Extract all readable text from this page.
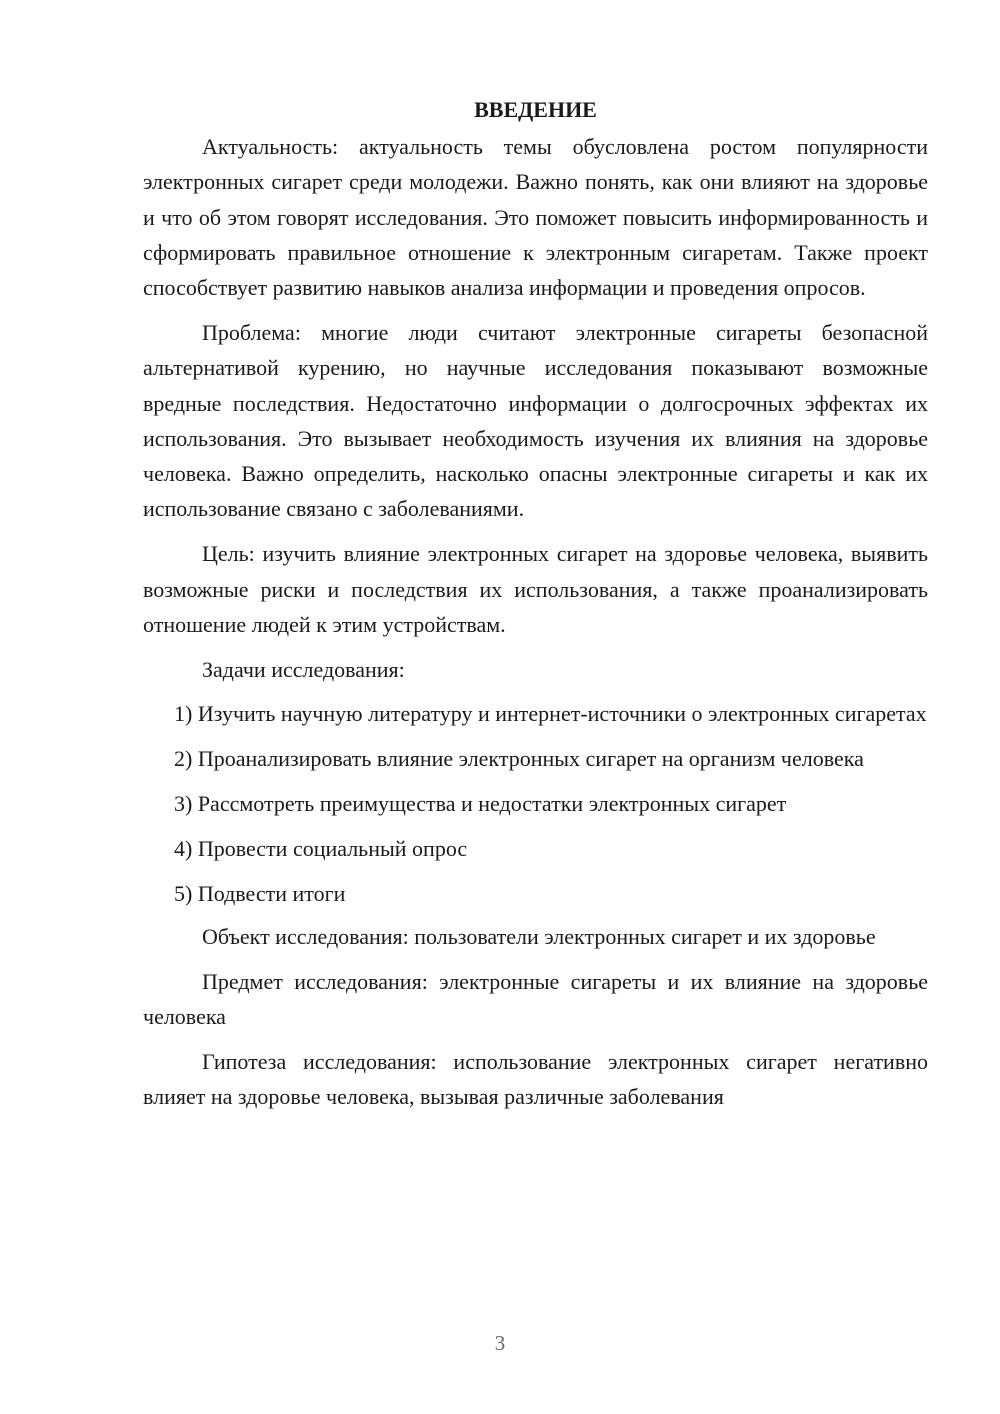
ВВЕДЕНИЕ

Актуальность: актуальность темы обусловлена ростом популярности электронных сигарет среди молодежи. Важно понять, как они влияют на здоровье и что об этом говорят исследования. Это поможет повысить информированность и сформировать правильное отношение к электронным сигаретам. Также проект способствует развитию навыков анализа информации и проведения опросов.

Проблема: многие люди считают электронные сигареты безопасной альтернативой курению, но научные исследования показывают возможные вредные последствия. Недостаточно информации о долгосрочных эффектах их использования. Это вызывает необходимость изучения их влияния на здоровье человека. Важно определить, насколько опасны электронные сигареты и как их использование связано с заболеваниями.

Цель: изучить влияние электронных сигарет на здоровье человека, выявить возможные риски и последствия их использования, а также проанализировать отношение людей к этим устройствам.

Задачи исследования:

1) Изучить научную литературу и интернет-источники о электронных сигаретах

2) Проанализировать влияние электронных сигарет на организм человека

3) Рассмотреть преимущества и недостатки электронных сигарет

4) Провести социальный опрос

5) Подвести итоги

Объект исследования: пользователи электронных сигарет и их здоровье

Предмет исследования: электронные сигареты и их влияние на здоровье человека

Гипотеза исследования: использование электронных сигарет негативно влияет на здоровье человека, вызывая различные заболевания

3
